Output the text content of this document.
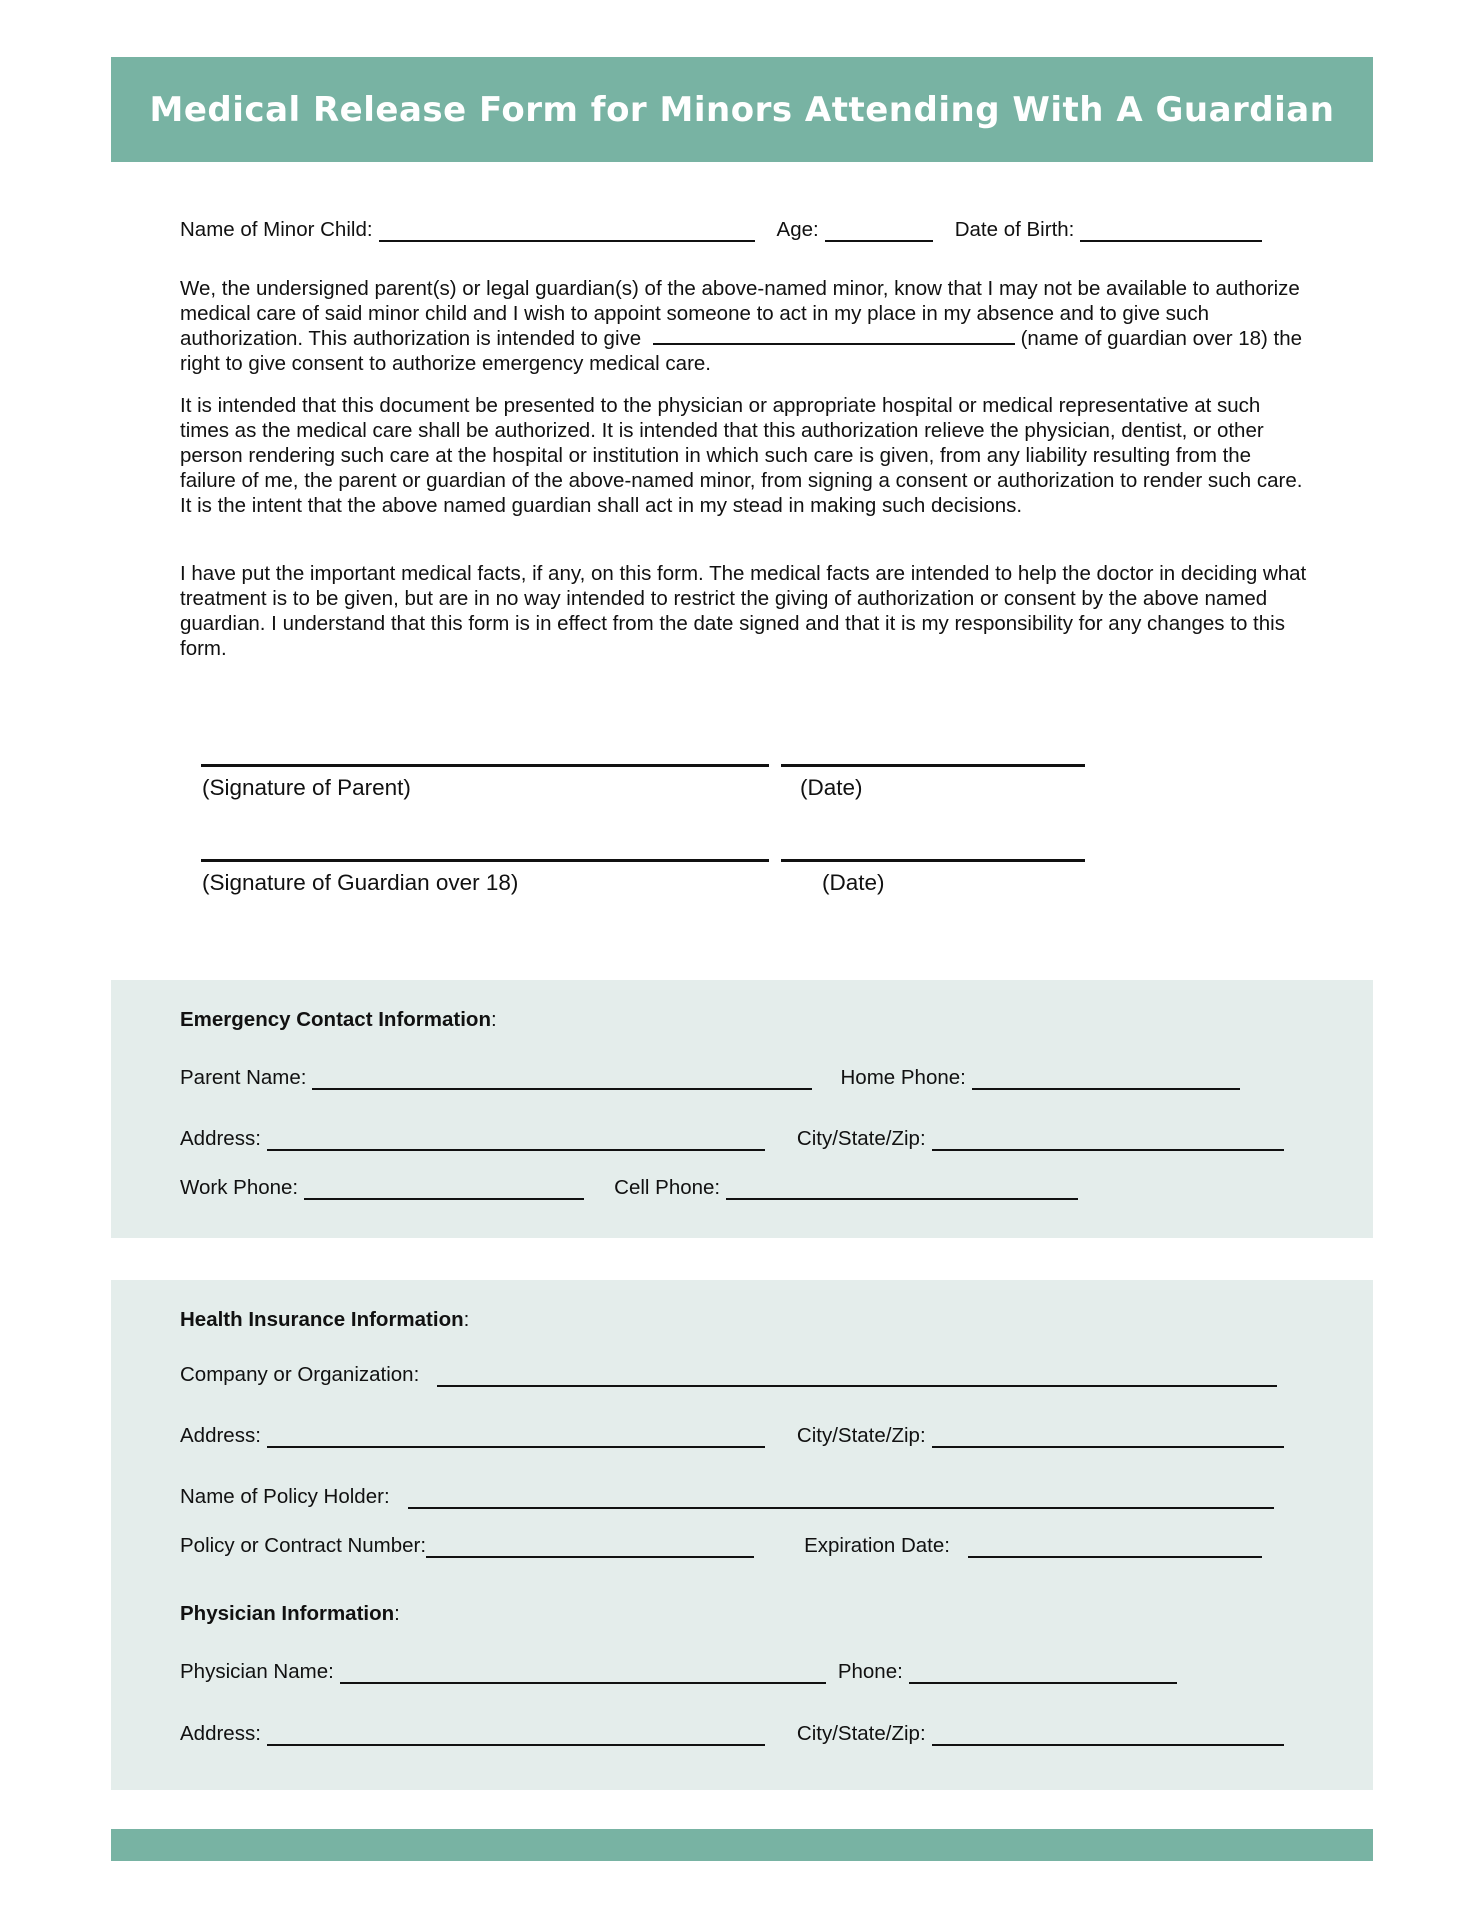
Medical Release Form for Minors Attending With A Guardian
Name of Minor Child:	Age:	Date of Birth:
We, the undersigned parent(s) or legal guardian(s) of the above-named minor, know that I may not be available to authorize medical care of said minor child and I wish to appoint someone to act in my place in my absence and to give such authorization. This authorization is intended to give	(name of guardian over 18) the right to give consent to authorize emergency medical care.
It is intended that this document be presented to the physician or appropriate hospital or medical representative at such times as the medical care shall be authorized. It is intended that this authorization relieve the physician, dentist, or other person rendering such care at the hospital or institution in which such care is given, from any liability resulting from the failure of me, the parent or guardian of the above-named minor, from signing a consent or authorization to render such care. It is the intent that the above named guardian shall act in my stead in making such decisions.
I have put the important medical facts, if any, on this form. The medical facts are intended to help the doctor in deciding what treatment is to be given, but are in no way intended to restrict the giving of authorization or consent by the above named guardian. I understand that this form is in effect from the date signed and that it is my responsibility for any changes to this form.
(Signature of Parent)	(Date)
(Signature of Guardian over 18)	(Date)
Emergency Contact Information:
Parent Name:	Home Phone:
Address:	City/State/Zip:
Work Phone:	Cell Phone:
Health Insurance Information:
Company or Organization:
Address:	City/State/Zip:
Name of Policy Holder:
Policy or Contract Number:	Expiration Date:
Physician Information:
Physician Name:	Phone:
Address:	City/State/Zip:
